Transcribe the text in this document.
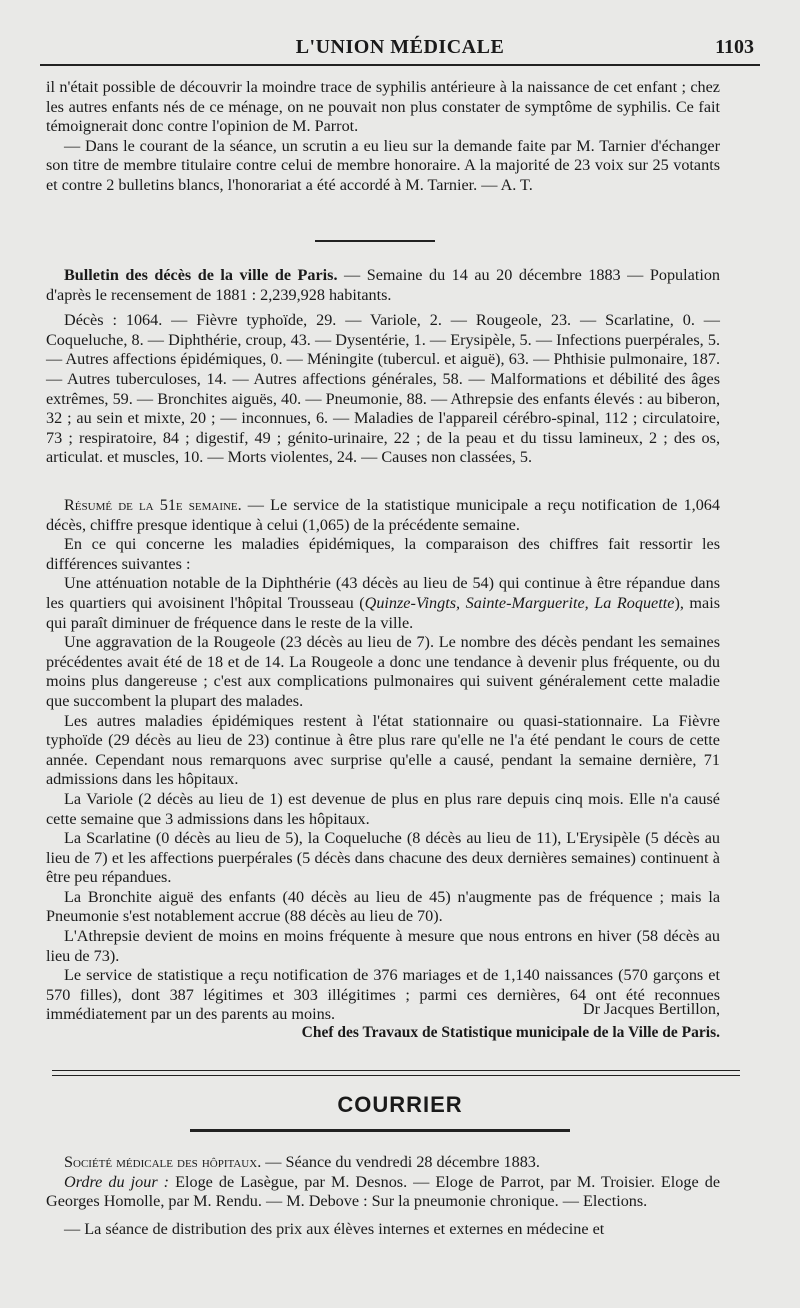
L'UNION MÉDICALE	1103

il n'était possible de découvrir la moindre trace de syphilis antérieure à la naissance de cet enfant ; chez les autres enfants nés de ce ménage, on ne pouvait non plus constater de symptôme de syphilis. Ce fait témoignerait donc contre l'opinion de M. Parrot.

— Dans le courant de la séance, un scrutin a eu lieu sur la demande faite par M. Tarnier d'échanger son titre de membre titulaire contre celui de membre honoraire. A la majorité de 23 voix sur 25 votants et contre 2 bulletins blancs, l'honorariat a été accordé à M. Tarnier. — A. T.

Bulletin des décès de la ville de Paris. — Semaine du 14 au 20 décembre 1883 — Population d'après le recensement de 1881 : 2,239,928 habitants.

Décès : 1064. — Fièvre typhoïde, 29. — Variole, 2. — Rougeole, 23. — Scarlatine, 0. — Coqueluche, 8. — Diphthérie, croup, 43. — Dysentérie, 1. — Erysipèle, 5. — Infections puerpérales, 5. — Autres affections épidémiques, 0. — Méningite (tubercul. et aiguë), 63. — Phthisie pulmonaire, 187. — Autres tuberculoses, 14. — Autres affections générales, 58. — Malformations et débilité des âges extrêmes, 59. — Bronchites aiguës, 40. — Pneumonie, 88. — Athrepsie des enfants élevés : au biberon, 32 ; au sein et mixte, 20 ; — inconnues, 6. — Maladies de l'appareil cérébro-spinal, 112 ; circulatoire, 73 ; respiratoire, 84 ; digestif, 49 ; génito-urinaire, 22 ; de la peau et du tissu lamineux, 2 ; des os, articulat. et muscles, 10. — Morts violentes, 24. — Causes non classées, 5.

Résumé de la 51e semaine. — Le service de la statistique municipale a reçu notification de 1,064 décès, chiffre presque identique à celui (1,065) de la précédente semaine.

En ce qui concerne les maladies épidémiques, la comparaison des chiffres fait ressortir les différences suivantes :

Une atténuation notable de la Diphthérie (43 décès au lieu de 54) qui continue à être répandue dans les quartiers qui avoisinent l'hôpital Trousseau (Quinze-Vingts, Sainte-Marguerite, La Roquette), mais qui paraît diminuer de fréquence dans le reste de la ville.

Une aggravation de la Rougeole (23 décès au lieu de 7). Le nombre des décès pendant les semaines précédentes avait été de 18 et de 14. La Rougeole a donc une tendance à devenir plus fréquente, ou du moins plus dangereuse ; c'est aux complications pulmonaires qui suivent généralement cette maladie que succombent la plupart des malades.

Les autres maladies épidémiques restent à l'état stationnaire ou quasi-stationnaire. La Fièvre typhoïde (29 décès au lieu de 23) continue à être plus rare qu'elle ne l'a été pendant le cours de cette année. Cependant nous remarquons avec surprise qu'elle a causé, pendant la semaine dernière, 71 admissions dans les hôpitaux.

La Variole (2 décès au lieu de 1) est devenue de plus en plus rare depuis cinq mois. Elle n'a causé cette semaine que 3 admissions dans les hôpitaux.

La Scarlatine (0 décès au lieu de 5), la Coqueluche (8 décès au lieu de 11), L'Erysipèle (5 décès au lieu de 7) et les affections puerpérales (5 décès dans chacune des deux dernières semaines) continuent à être peu répandues.

La Bronchite aiguë des enfants (40 décès au lieu de 45) n'augmente pas de fréquence ; mais la Pneumonie s'est notablement accrue (88 décès au lieu de 70).

L'Athrepsie devient de moins en moins fréquente à mesure que nous entrons en hiver (58 décès au lieu de 73).

Le service de statistique a reçu notification de 376 mariages et de 1,140 naissances (570 garçons et 570 filles), dont 387 légitimes et 303 illégitimes ; parmi ces dernières, 64 ont été reconnues immédiatement par un des parents au moins.	Dr Jacques Bertillon,
Chef des Travaux de Statistique municipale de la Ville de Paris.
COURRIER

Société médicale des hôpitaux. — Séance du vendredi 28 décembre 1883.

Ordre du jour : Eloge de Lasègue, par M. Desnos. — Eloge de Parrot, par M. Troisier. Eloge de Georges Homolle, par M. Rendu. — M. Debove : Sur la pneumonie chronique. — Elections.

— La séance de distribution des prix aux élèves internes et externes en médecine et
